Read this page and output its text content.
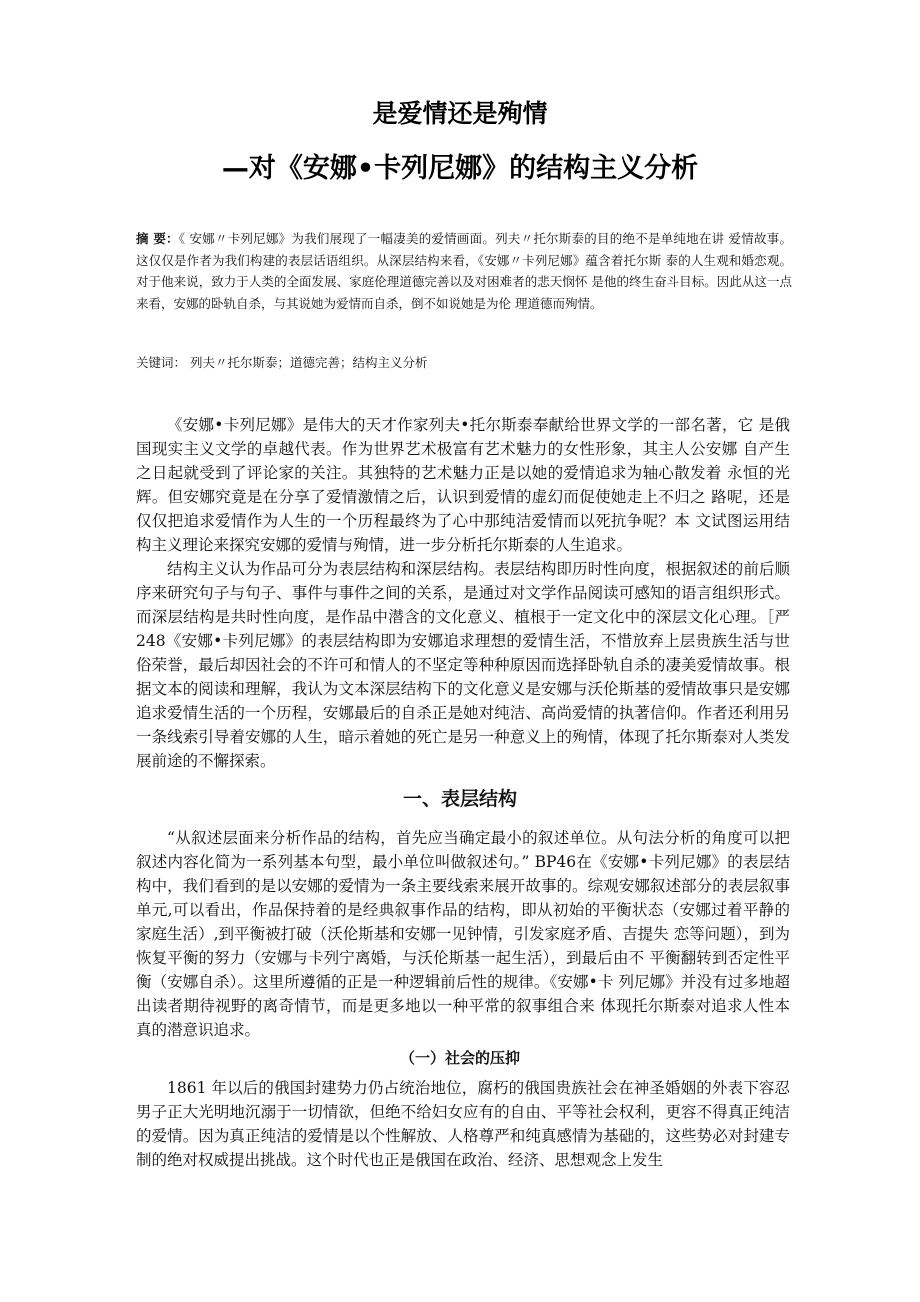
是爱情还是殉情
—对《安娜•卡列尼娜》的结构主义分析
摘 要：《 安娜〃卡列尼娜》为我们展现了一幅凄美的爱情画面。列夫〃托尔斯泰的目的绝不是单纯地在讲 爱情故事。这仅仅是作者为我们构建的表层话语组织。从深层结构来看，《安娜〃卡列尼娜》蕴含着托尔斯 泰的人生观和婚恋观。对于他来说，致力于人类的全面发展、家庭伦理道德完善以及对困难者的悲天悯怀 是他的终生奋斗目标。因此从这一点来看，安娜的卧轨自杀，与其说她为爱情而自杀，倒不如说她是为伦 理道德而殉情。
关键词： 列夫〃托尔斯泰；道德完善；结构主义分析

《安娜•卡列尼娜》是伟大的天才作家列夫•托尔斯泰奉献给世界文学的一部名著，它 是俄国现实主义文学的卓越代表。作为世界艺术极富有艺术魅力的女性形象，其主人公安娜 自产生之日起就受到了评论家的关注。其独特的艺术魅力正是以她的爱情追求为轴心散发着 永恒的光辉。但安娜究竟是在分享了爱情激情之后，认识到爱情的虚幻而促使她走上不归之 路呢，还是仅仅把追求爱情作为人生的一个历程最终为了心中那纯洁爱情而以死抗争呢？本 文试图运用结构主义理论来探究安娜的爱情与殉情，进一步分析托尔斯泰的人生追求。

结构主义认为作品可分为表层结构和深层结构。表层结构即历时性向度，根据叙述的前后顺序来研究句子与句子、事件与事件之间的关系，是通过对文学作品阅读可感知的语言组织形式。而深层结构是共时性向度，是作品中潜含的文化意义、植根于一定文化中的深层文化心理。［严248《安娜•卡列尼娜》的表层结构即为安娜追求理想的爱情生活，不惜放弃上层贵族生活与世俗荣誉，最后却因社会的不许可和情人的不坚定等种种原因而选择卧轨自杀的凄美爱情故事。根据文本的阅读和理解，我认为文本深层结构下的文化意义是安娜与沃伦斯基的爱情故事只是安娜追求爱情生活的一个历程，安娜最后的自杀正是她对纯洁、高尚爱情的执著信仰。作者还利用另一条线索引导着安娜的人生，暗示着她的死亡是另一种意义上的殉情，体现了托尔斯泰对人类发展前途的不懈探索。

一、表层结构

“从叙述层面来分析作品的结构，首先应当确定最小的叙述单位。从句法分析的角度可以把叙述内容化简为一系列基本句型，最小单位叫做叙述句。” BP46在《安娜•卡列尼娜》的表层结构中，我们看到的是以安娜的爱情为一条主要线索来展开故事的。综观安娜叙述部分的表层叙事单元,可以看出，作品保持着的是经典叙事作品的结构，即从初始的平衡状态（安娜过着平静的家庭生活）,到平衡被打破（沃伦斯基和安娜一见钟情，引发家庭矛盾、吉提失 恋等问题），到为恢复平衡的努力（安娜与卡列宁离婚，与沃伦斯基一起生活），到最后由不 平衡翻转到否定性平衡（安娜自杀）。这里所遵循的正是一种逻辑前后性的规律。《安娜•卡 列尼娜》并没有过多地超出读者期待视野的离奇情节，而是更多地以一种平常的叙事组合来 体现托尔斯泰对追求人性本真的潜意识追求。

（一）社会的压抑

1861 年以后的俄国封建势力仍占统治地位，腐朽的俄国贵族社会在神圣婚姻的外表下容忍男子正大光明地沉溺于一切情欲，但绝不给妇女应有的自由、平等社会权利，更容不得真正纯洁的爱情。因为真正纯洁的爱情是以个性解放、人格尊严和纯真感情为基础的，这些势必对封建专制的绝对权威提出挑战。这个时代也正是俄国在政治、经济、思想观念上发生
